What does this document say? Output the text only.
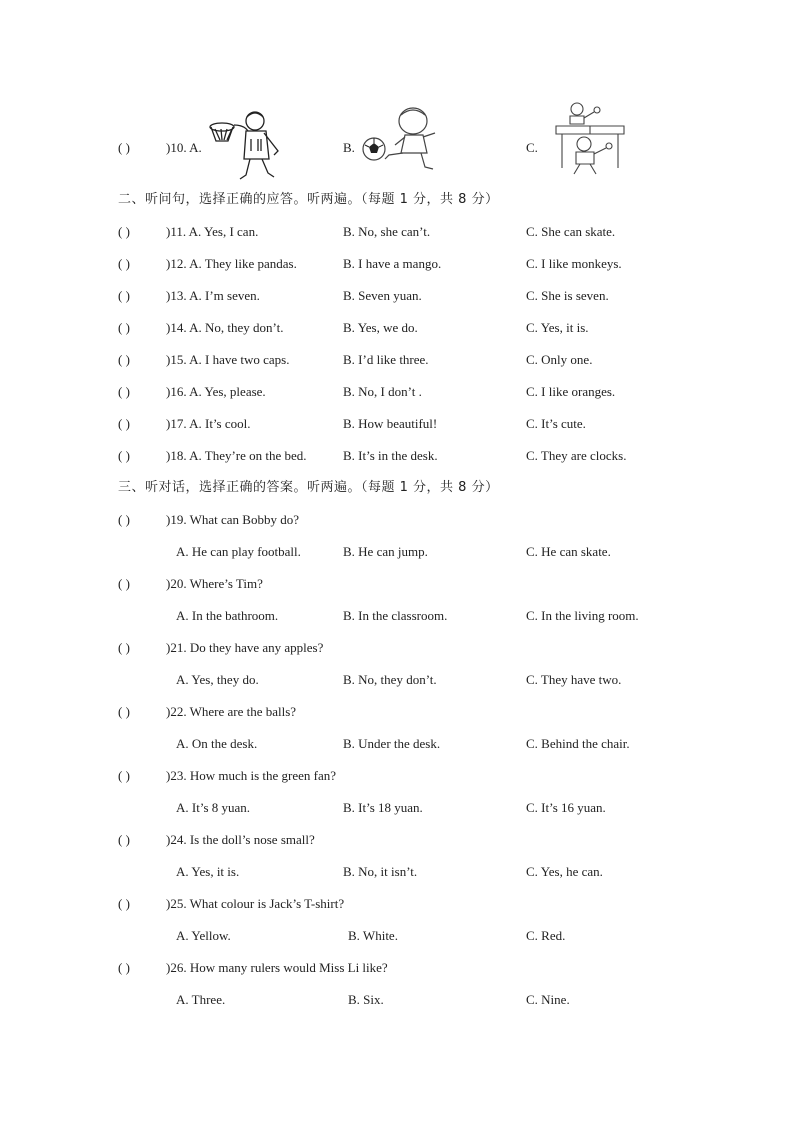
( )	)10. A.	B.	C.
二、听问句，选择正确的应答。听两遍。（每题 1 分，共 8 分）
( )	)11. A. Yes, I can.	B. No, she can’t.	C. She can skate.
( )	)12. A. They like pandas.	B. I have a mango.	C. I like monkeys.
( )	)13. A. I’m seven.	B. Seven yuan.	C. She is seven.
( )	)14. A. No, they don’t.	B. Yes, we do.	C. Yes, it is.
( )	)15. A. I have two caps.	B. I’d like three.	C. Only one.
( )	)16. A. Yes, please.	B. No, I don’t .	C. I like oranges.
( )	)17. A. It’s cool.	B. How beautiful!	C. It’s cute.
( )	)18. A. They’re on the bed.	B. It’s in the desk.	C. They are clocks.
三、听对话，选择正确的答案。听两遍。（每题 1 分，共 8 分）
( )	)19. What can Bobby do?
A. He can play football.	B. He can jump.	C. He can skate.
( )	)20. Where’s Tim?
A. In the bathroom.	B. In the classroom.	C. In the living room.
( )	)21. Do they have any apples?
A. Yes, they do.	B. No, they don’t.	C. They have two.
( )	)22. Where are the balls?
A. On the desk.	B. Under the desk.	C. Behind the chair.
( )	)23. How much is the green fan?
A. It’s 8 yuan.	B. It’s 18 yuan.	C. It’s 16 yuan.
( )	)24. Is the doll’s nose small?
A. Yes, it is.	B. No, it isn’t.	C. Yes, he can.
( )	)25. What colour is Jack’s T-shirt?
A. Yellow.	B. White.	C. Red.
( )	)26. How many rulers would Miss Li like?
A. Three.	B. Six.	C. Nine.
